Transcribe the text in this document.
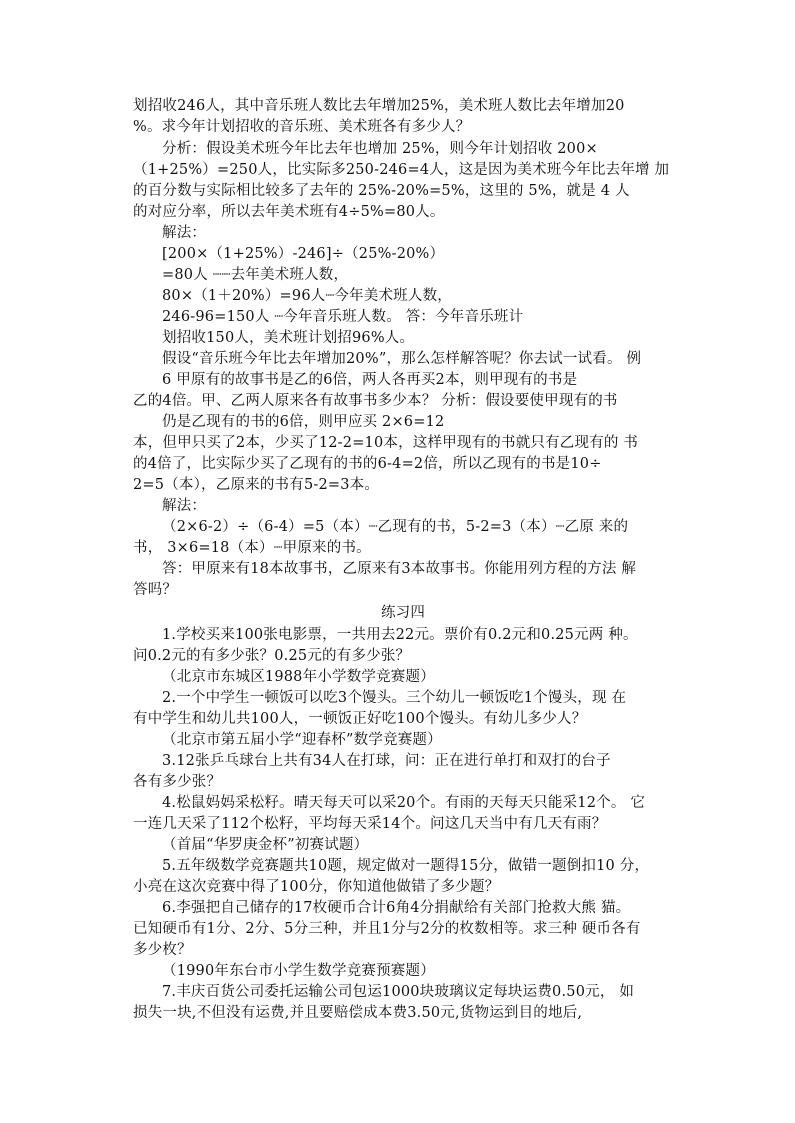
划招收246人，其中音乐班人数比去年增加25%，美术班人数比去年增加20
%。求今年计划招收的音乐班、美术班各有多少人？
分析：假设美术班今年比去年也增加 25%，则今年计划招收 200×
（1+25%）=250人，比实际多250-246=4人，这是因为美术班今年比去年增 加
的百分数与实际相比较多了去年的 25%-20%=5%，这里的 5%，就是 4 人
的对应分率，所以去年美术班有4÷5%=80人。
解法：
[200×（1+25%）-246]÷（25%-20%）
=80人 ┈┈去年美术班人数，
80×（1＋20%）=96人┈今年美术班人数，
246-96=150人 ┈今年音乐班人数。 答：今年音乐班计
划招收150人，美术班计划招96%人。
假设“音乐班今年比去年增加20%”，那么怎样解答呢？你去试一试看。 例
6 甲原有的故事书是乙的6倍，两人各再买2本，则甲现有的书是
乙的4倍。甲、乙两人原来各有故事书多少本？ 分析：假设要使甲现有的书
仍是乙现有的书的6倍，则甲应买 2×6=12
本，但甲只买了2本，少买了12-2=10本，这样甲现有的书就只有乙现有的 书
的4倍了，比实际少买了乙现有的书的6-4=2倍，所以乙现有的书是10÷
2=5（本），乙原来的书有5-2=3本。
解法：
（2×6-2）÷（6-4）=5（本）┈乙现有的书，5-2=3（本）┈乙原 来的
书， 3×6=18（本）┈甲原来的书。
答：甲原来有18本故事书，乙原来有3本故事书。你能用列方程的方法 解
答吗？
练习四
1.学校买来100张电影票，一共用去22元。票价有0.2元和0.25元两 种。
问0.2元的有多少张？0.25元的有多少张？
（北京市东城区1988年小学数学竞赛题）
2.一个中学生一顿饭可以吃3个馒头。三个幼儿一顿饭吃1个馒头，现 在
有中学生和幼儿共100人，一顿饭正好吃100个馒头。有幼儿多少人？
（北京市第五届小学“迎春杯”数学竞赛题）
3.12张乒乓球台上共有34人在打球，问：正在进行单打和双打的台子
各有多少张？
4.松鼠妈妈采松籽。晴天每天可以采20个。有雨的天每天只能采12个。 它
一连几天采了112个松籽，平均每天采14个。问这几天当中有几天有雨？
（首届“华罗庚金杯”初赛试题）
5.五年级数学竞赛题共10题，规定做对一题得15分，做错一题倒扣10 分，
小亮在这次竞赛中得了100分，你知道他做错了多少题？
6.李强把自己储存的17枚硬币合计6角4分捐献给有关部门抢救大熊 猫。
已知硬币有1分、2分、5分三种，并且1分与2分的枚数相等。求三种 硬币各有
多少枚？
（1990年东台市小学生数学竞赛预赛题）
7.丰庆百货公司委托运输公司包运1000块玻璃议定每块运费0.50元， 如
损失一块,不但没有运费,并且要赔偿成本费3.50元,货物运到目的地后,
